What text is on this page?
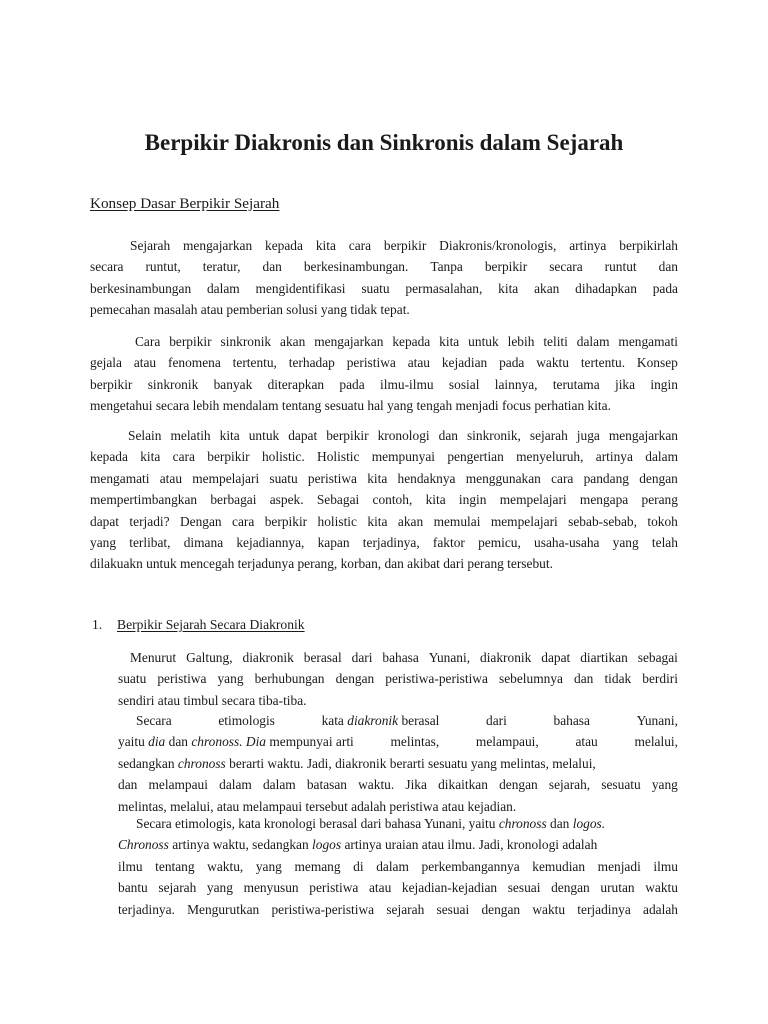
Berpikir Diakronis dan Sinkronis dalam Sejarah

Konsep Dasar Berpikir Sejarah

Sejarah mengajarkan kepada kita cara berpikir Diakronis/kronologis, artinya berpikirlah
secara runtut, teratur, dan berkesinambungan. Tanpa berpikir secara runtut dan
berkesinambungan dalam mengidentifikasi suatu permasalahan, kita akan dihadapkan pada
pemecahan masalah atau pemberian solusi yang tidak tepat.
Cara berpikir sinkronik akan mengajarkan kepada kita untuk lebih teliti dalam mengamati
gejala atau fenomena tertentu, terhadap peristiwa atau kejadian pada waktu tertentu. Konsep
berpikir sinkronik banyak diterapkan pada ilmu-ilmu sosial lainnya, terutama jika ingin
mengetahui secara lebih mendalam tentang sesuatu hal yang tengah menjadi focus perhatian kita.
Selain melatih kita untuk dapat berpikir kronologi dan sinkronik, sejarah juga mengajarkan
kepada kita cara berpikir holistic. Holistic mempunyai pengertian menyeluruh, artinya dalam
mengamati atau mempelajari suatu peristiwa kita hendaknya menggunakan cara pandang dengan
mempertimbangkan berbagai aspek. Sebagai contoh, kita ingin mempelajari mengapa perang
dapat terjadi? Dengan cara berpikir holistic kita akan memulai mempelajari sebab-sebab, tokoh
yang terlibat, dimana kejadiannya, kapan terjadinya, faktor pemicu, usaha-usaha yang telah
dilakuakn untuk mencegah terjadunya perang, korban, dan akibat dari perang tersebut.

1. Berpikir Sejarah Secara Diakronik

Menurut Galtung, diakronik berasal dari bahasa Yunani, diakronik dapat diartikan sebagai
suatu peristiwa yang berhubungan dengan peristiwa-peristiwa sebelumnya dan tidak berdiri
sendiri atau timbul secara tiba-tiba.
Secara	etimologis	kata diakronik berasal	dari	bahasa	Yunani,
yaitu dia dan chronoss. Dia mempunyai arti	melintas,	melampaui,	atau	melalui,
sedangkan chronoss berarti waktu. Jadi, diakronik berarti sesuatu yang melintas, melalui,
dan melampaui dalam dalam batasan waktu. Jika dikaitkan dengan sejarah, sesuatu yang
melintas, melalui, atau melampaui tersebut adalah peristiwa atau kejadian.
Secara etimologis, kata kronologi berasal dari bahasa Yunani, yaitu chronoss dan logos.
Chronoss artinya waktu, sedangkan logos artinya uraian atau ilmu. Jadi, kronologi adalah
ilmu tentang waktu, yang memang di dalam perkembangannya kemudian menjadi ilmu
bantu sejarah yang menyusun peristiwa atau kejadian-kejadian sesuai dengan urutan waktu
terjadinya. Mengurutkan peristiwa-peristiwa sejarah sesuai dengan waktu terjadinya adalah
